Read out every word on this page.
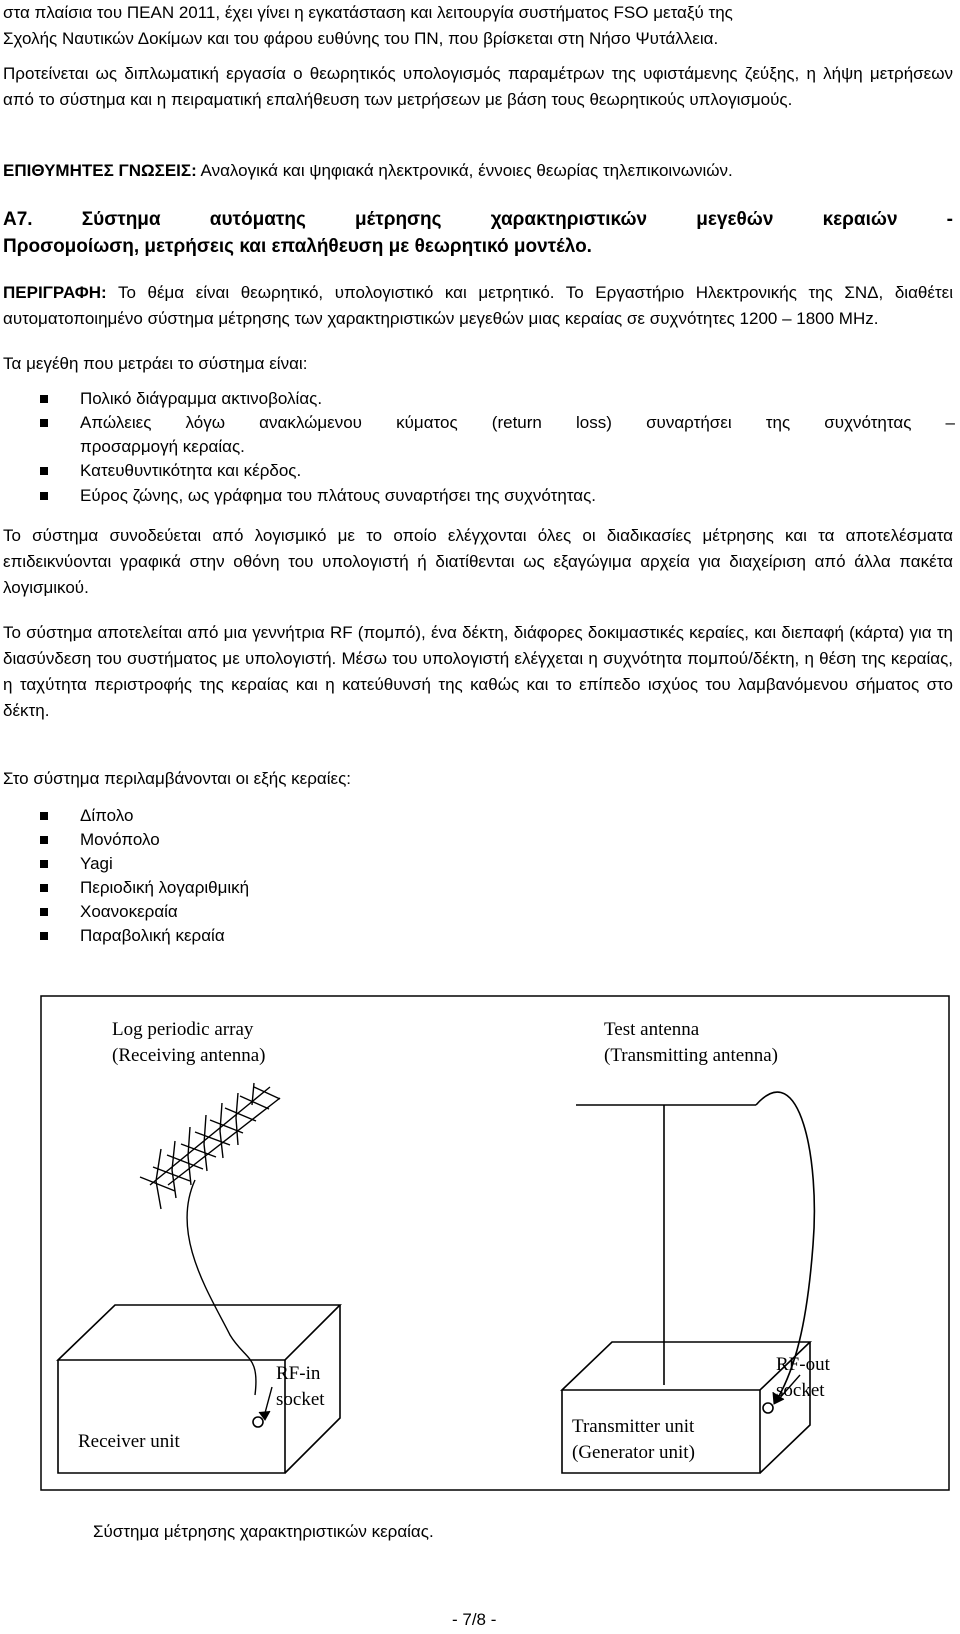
στα πλαίσια του ΠΕΑΝ 2011, έχει γίνει η εγκατάσταση και λειτουργία συστήματος FSO μεταξύ της
Σχολής Ναυτικών Δοκίμων και του φάρου ευθύνης του ΠΝ, που βρίσκεται στη Νήσο Ψυτάλλεια.

Προτείνεται ως διπλωματική εργασία ο θεωρητικός υπολογισμός παραμέτρων της υφιστάμενης ζεύξης, η λήψη μετρήσεων από το σύστημα και η πειραματική επαλήθευση των μετρήσεων με βάση τους θεωρητικούς υπλογισμούς.

ΕΠΙΘΥΜΗΤΕΣ ΓΝΩΣΕΙΣ: Αναλογικά και ψηφιακά ηλεκτρονικά, έννοιες θεωρίας τηλεπικοινωνιών.

A7.	Σύστημα αυτόματης μέτρησης χαρακτηριστικών μεγεθών κεραιών -
Προσομοίωση, μετρήσεις και επαλήθευση με θεωρητικό μοντέλο.

ΠΕΡΙΓΡΑΦΗ: Το θέμα είναι θεωρητικό, υπολογιστικό και μετρητικό. Το Εργαστήριο Ηλεκτρονικής της ΣΝΔ, διαθέτει αυτοματοποιημένο σύστημα μέτρησης των χαρακτηριστικών μεγεθών μιας κεραίας σε συχνότητες 1200 – 1800 MHz.

Τα μεγέθη που μετράει το σύστημα είναι:

Πολικό διάγραμμα ακτινοβολίας.
Απώλειες λόγω ανακλώμενου κύματος (return loss) συναρτήσει της συχνότητας –
προσαρμογή κεραίας.
Κατευθυντικότητα και κέρδος.
Εύρος ζώνης, ως γράφημα του πλάτους συναρτήσει της συχνότητας.

Το σύστημα συνοδεύεται από λογισμικό με το οποίο ελέγχονται όλες οι διαδικασίες μέτρησης και τα αποτελέσματα επιδεικνύονται γραφικά στην οθόνη του υπολογιστή ή διατίθενται ως εξαγώγιμα αρχεία για διαχείριση από άλλα πακέτα λογισμικού.

Το σύστημα αποτελείται από μια γεννήτρια RF (πομπό), ένα δέκτη, διάφορες δοκιμαστικές κεραίες, και διεπαφή (κάρτα) για τη διασύνδεση του συστήματος με υπολογιστή. Μέσω του υπολογιστή ελέγχεται η συχνότητα πομπού/δέκτη, η θέση της κεραίας, η ταχύτητα περιστροφής της κεραίας και η κατεύθυνσή της καθώς και το επίπεδο ισχύος του λαμβανόμενου σήματος στο δέκτη.

Στο σύστημα περιλαμβάνονται οι εξής κεραίες:

Δίπολο
Μονόπολο
Yagi
Περιοδική λογαριθμική
Χοανοκεραία
Παραβολική κεραία
Log periodic array
(Receiving antenna)
Test antenna
(Transmitting antenna)
Receiver unit
RF-in
socket
Transmitter unit
(Generator unit)
RF-out
socket
Σύστημα μέτρησης χαρακτηριστικών κεραίας.
- 7/8 -
